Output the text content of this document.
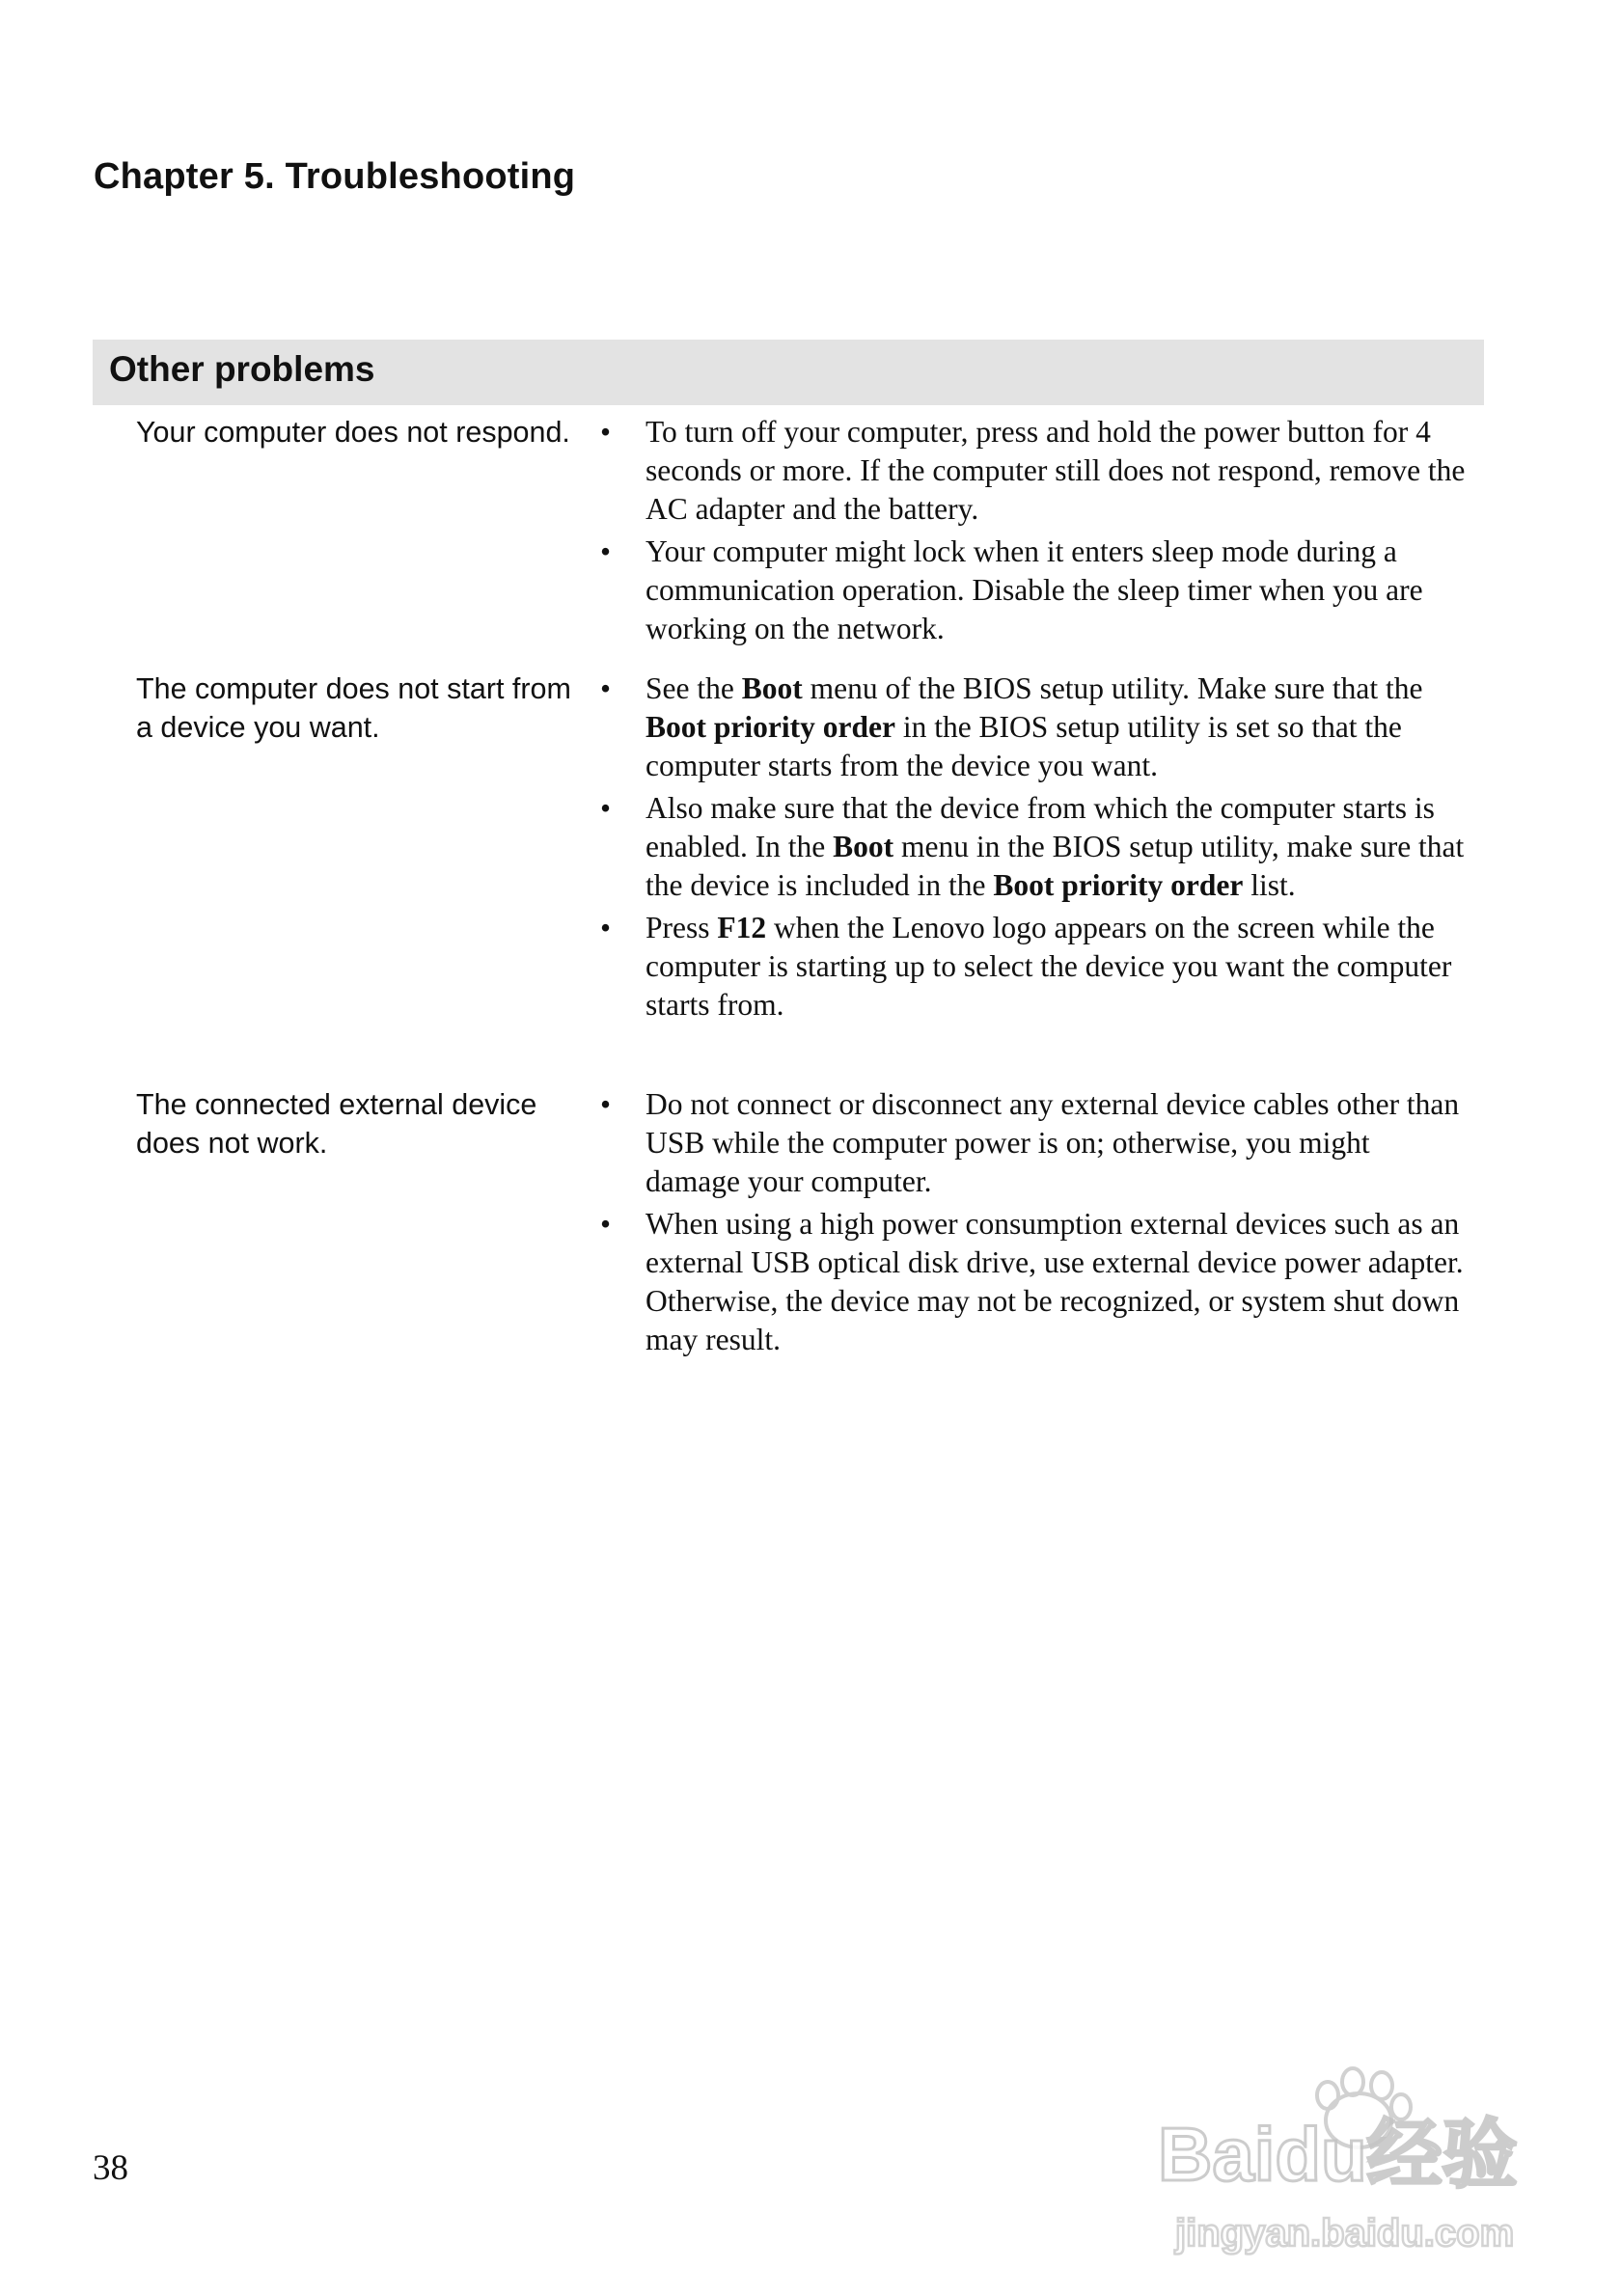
Chapter 5. Troubleshooting
Other problems

Your computer does not respond. • To turn off your computer, press and hold the power button for 4 seconds or more. If the computer still does not respond, remove the AC adapter and the battery.
• Your computer might lock when it enters sleep mode during a communication operation. Disable the sleep timer when you are working on the network.

The computer does not start from a device you want.

• See the Boot menu of the BIOS setup utility. Make sure that the Boot priority order in the BIOS setup utility is set so that the computer starts from the device you want.
• Also make sure that the device from which the computer starts is enabled. In the Boot menu in the BIOS setup utility, make sure that the device is included in the Boot priority order list.
• Press F12 when the Lenovo logo appears on the screen while the computer is starting up to select the device you want the computer starts from.

The connected external device does not work.

• Do not connect or disconnect any external device cables other than USB while the computer power is on; otherwise, you might damage your computer.
• When using a high power consumption external devices such as an external USB optical disk drive, use external device power adapter. Otherwise, the device may not be recognized, or system shut down may result.
38	Baidu经验
jingyan.baidu.com
